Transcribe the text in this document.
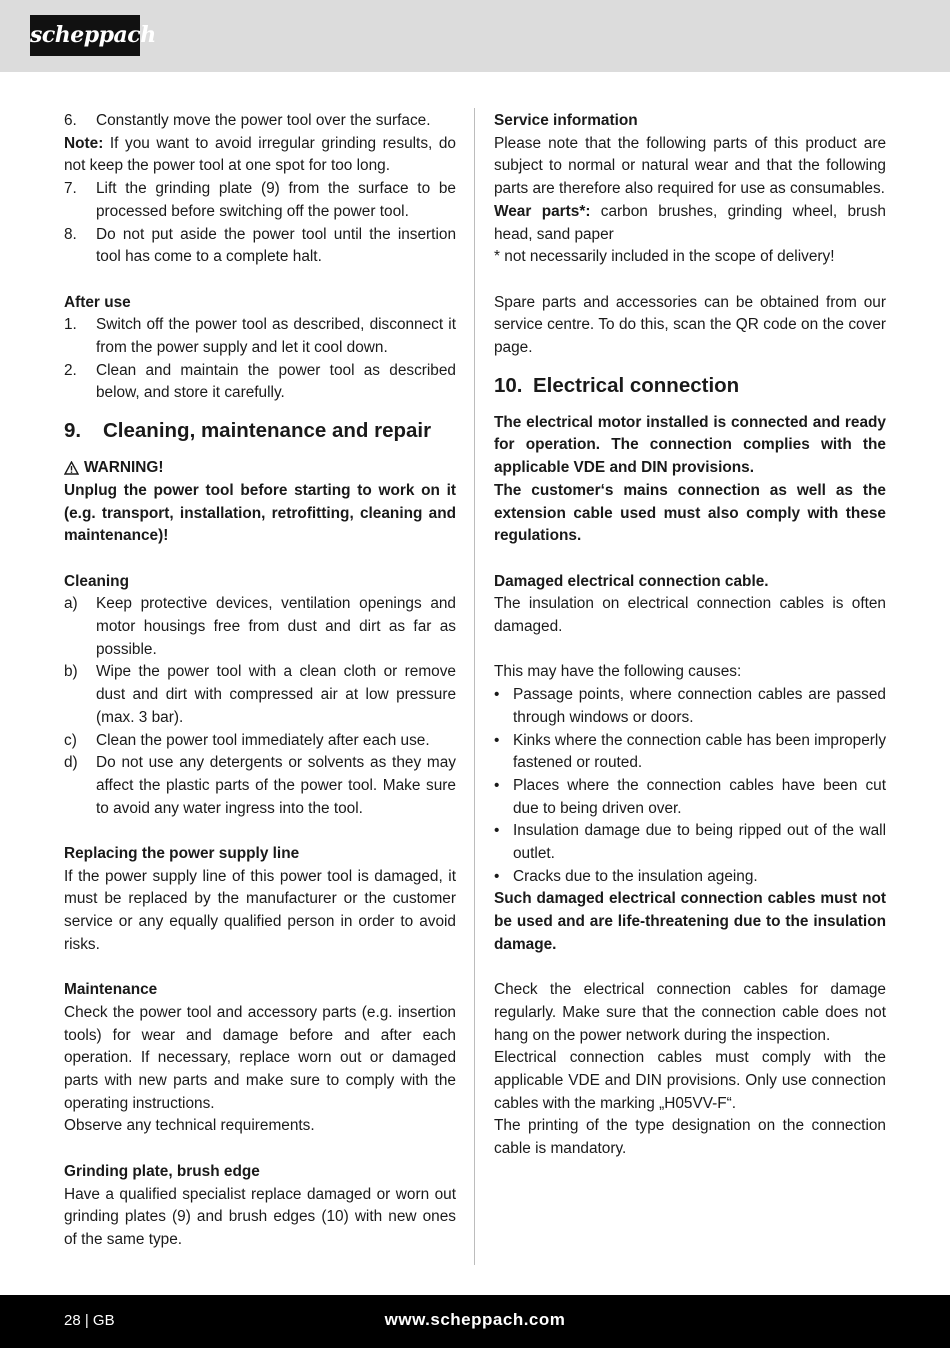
scheppach
6.	Constantly move the power tool over the surface.

Note: If you want to avoid irregular grinding results, do not keep the power tool at one spot for too long.

7.	Lift the grinding plate (9) from the surface to be processed before switching off the power tool.
8.	Do not put aside the power tool until the insertion tool has come to a complete halt.

After use

1.	Switch off the power tool as described, disconnect it from the power supply and let it cool down.
2.	Clean and maintain the power tool as described below, and store it carefully.
9.	Cleaning, maintenance and repair
WARNING!

Unplug the power tool before starting to work on it (e.g. transport, installation, retrofitting, cleaning and maintenance)!

Cleaning

a)	Keep protective devices, ventilation openings and motor housings free from dust and dirt as far as possible.
b)	Wipe the power tool with a clean cloth or remove dust and dirt with compressed air at low pressure (max. 3 bar).
c)	Clean the power tool immediately after each use.
d)	Do not use any detergents or solvents as they may affect the plastic parts of the power tool. Make sure to avoid any water ingress into the tool.

Replacing the power supply line

If the power supply line of this power tool is damaged, it must be replaced by the manufacturer or the customer service or any equally qualified person in order to avoid risks.

Maintenance

Check the power tool and accessory parts (e.g. insertion tools) for wear and damage before and after each operation. If necessary, replace worn out or damaged parts with new parts and make sure to comply with the operating instructions.

Observe any technical requirements.

Grinding plate, brush edge

Have a qualified specialist replace damaged or worn out grinding plates (9) and brush edges (10) with new ones of the same type.

Service information

Please note that the following parts of this product are subject to normal or natural wear and that the following parts are therefore also required for use as consumables.

Wear parts*: carbon brushes, grinding wheel, brush head, sand paper

* not necessarily included in the scope of delivery!

Spare parts and accessories can be obtained from our service centre. To do this, scan the QR code on the cover page.

10. Electrical connection

The electrical motor installed is connected and ready for operation. The connection complies with the applicable VDE and DIN provisions.

The customer‘s mains connection as well as the extension cable used must also comply with these regulations.

Damaged electrical connection cable.

The insulation on electrical connection cables is often damaged.

This may have the following causes:

• Passage points, where connection cables are passed through windows or doors.
• Kinks where the connection cable has been improperly fastened or routed.
• Places where the connection cables have been cut due to being driven over.
• Insulation damage due to being ripped out of the wall outlet.
• Cracks due to the insulation ageing.

Such damaged electrical connection cables must not be used and are life-threatening due to the insulation damage.

Check the electrical connection cables for damage regularly. Make sure that the connection cable does not hang on the power network during the inspection.

Electrical connection cables must comply with the applicable VDE and DIN provisions. Only use connection cables with the marking „H05VV-F“.

The printing of the type designation on the connection cable is mandatory.

28 | GB	www.scheppach.com
